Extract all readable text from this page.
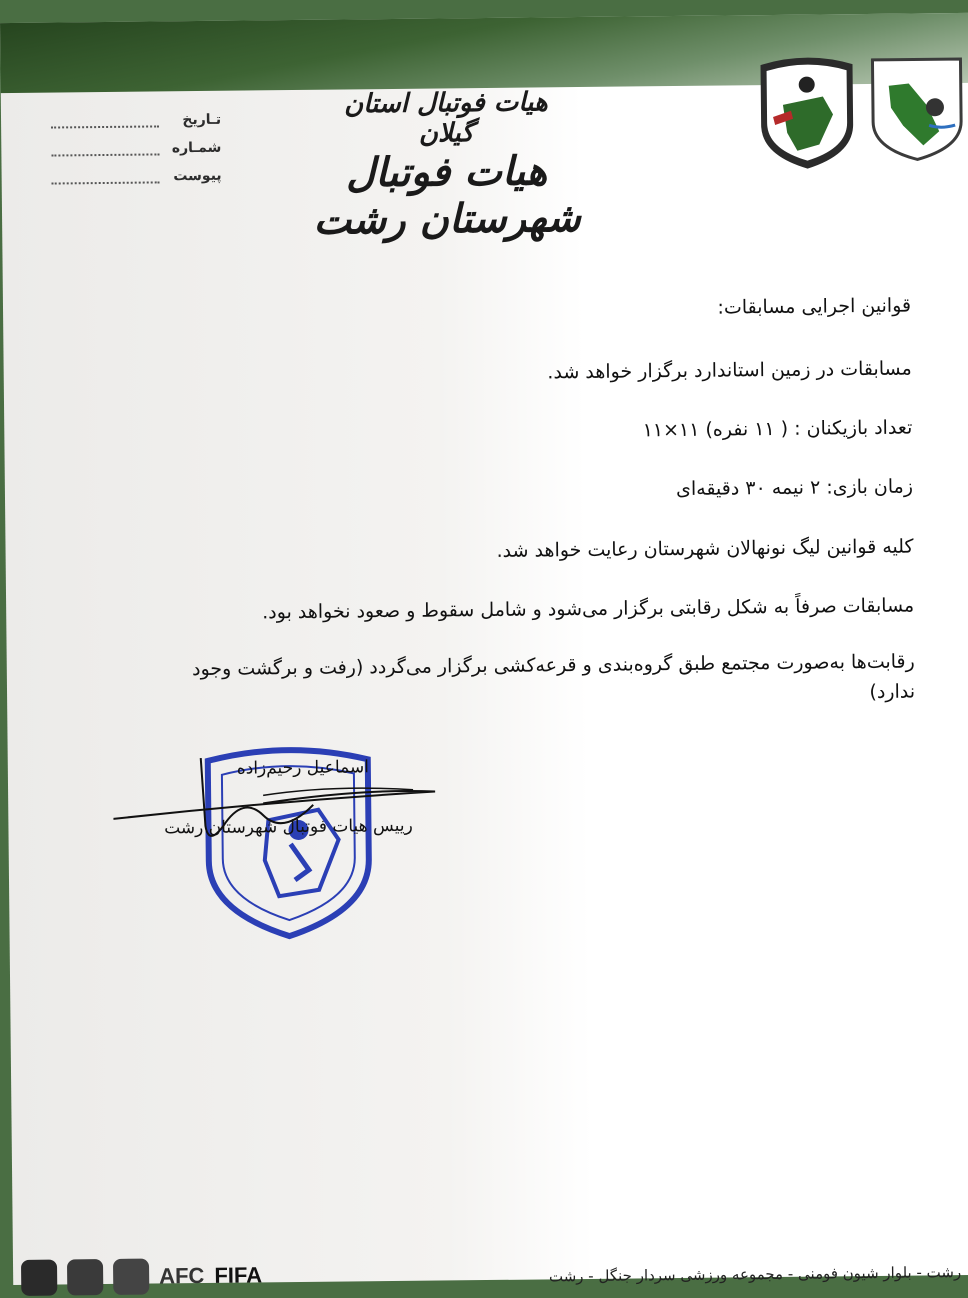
تـاريخ
شمـاره
پيوست
هیات فوتبال استان گیلان
هیات فوتبال شهرستان رشت
قوانین اجرایی مسابقات:
مسابقات در زمین استاندارد برگزار خواهد شد.
تعداد بازیکنان : ( ۱۱ نفره) ۱۱×۱۱
زمان بازی: ۲ نیمه ۳۰ دقیقه‌ای
کلیه قوانین لیگ نونهالان شهرستان رعایت خواهد شد.
مسابقات صرفاً به شکل رقابتی برگزار می‌شود و شامل سقوط و صعود نخواهد بود.
رقابت‌ها به‌صورت مجتمع طبق گروه‌بندی و قرعه‌کشی برگزار می‌گردد (رفت و برگشت وجود ندارد)
اسماعیل رحیم‌زاده
رییس هیات فوتبال شهرستان رشت
AFC FIFA	رشت - بلوار شیون فومنی - مجموعه ورزشی سردار جنگل - رشت
